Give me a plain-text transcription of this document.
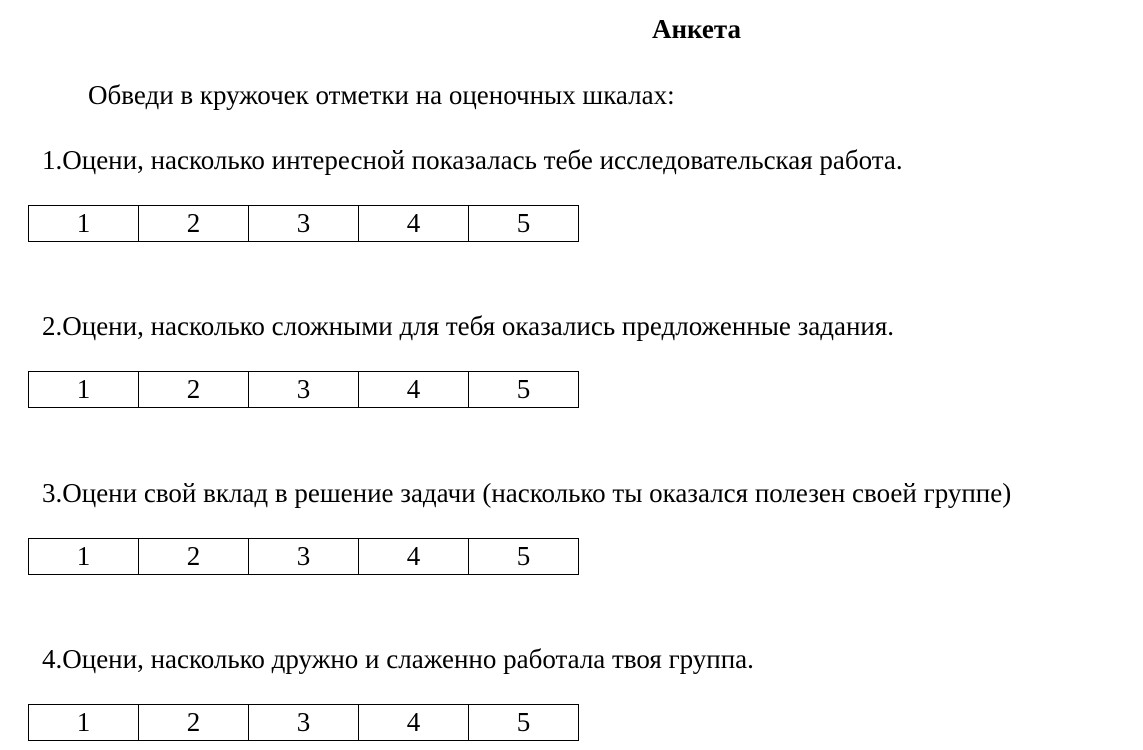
Анкета
Обведи в кружочек отметки на оценочных шкалах:
1.Оцени, насколько интересной показалась тебе исследовательская работа.
1	2	3	4	5
2.Оцени, насколько сложными для тебя оказались предложенные задания.
1	2	3	4	5
3.Оцени свой вклад в решение задачи (насколько ты оказался полезен своей группе)
1	2	3	4	5
4.Оцени, насколько дружно и слаженно работала твоя группа.
1	2	3	4	5
